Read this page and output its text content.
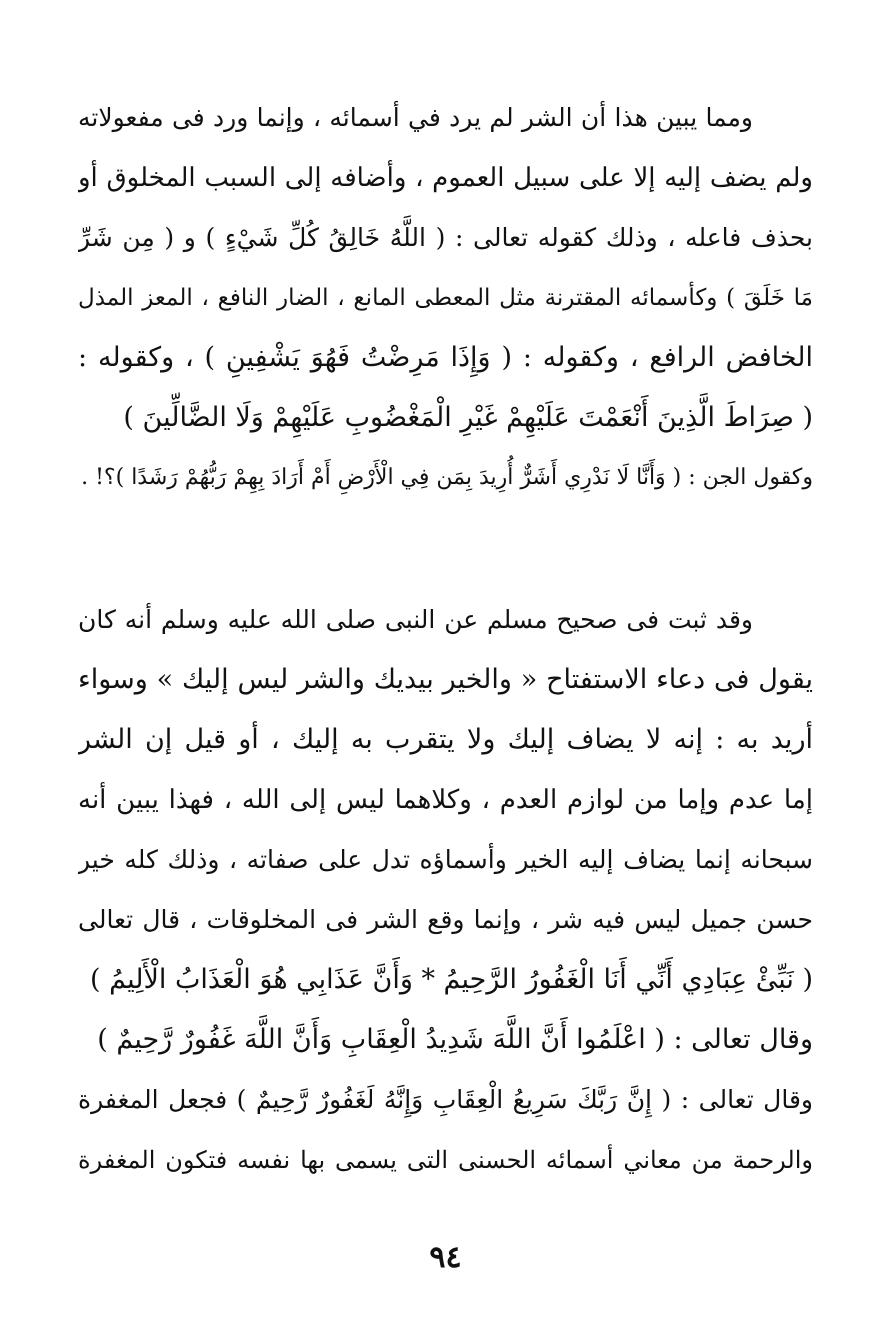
ومما يبين هذا أن الشر لم يرد في أسمائه ، وإنما ورد فى مفعولاته
ولم يضف إليه إلا على سبيل العموم ، وأضافه إلى السبب المخلوق أو
بحذف فاعله ، وذلك كقوله تعالى : ( اللَّهُ خَالِقُ كُلِّ شَيْءٍ ) و ( مِن شَرِّ
مَا خَلَقَ ) وكأسمائه المقترنة مثل المعطى المانع ، الضار النافع ، المعز المذل
الخافض الرافع ، وكقوله : ( وَإِذَا مَرِضْتُ فَهُوَ يَشْفِينِ ) ، وكقوله :
( صِرَاطَ الَّذِينَ أَنْعَمْتَ عَلَيْهِمْ غَيْرِ الْمَغْضُوبِ عَلَيْهِمْ وَلَا الضَّالِّينَ )
وكقول الجن : ( وَأَنَّا لَا نَدْرِي أَشَرٌّ أُرِيدَ بِمَن فِي الْأَرْضِ أَمْ أَرَادَ بِهِمْ رَبُّهُمْ رَشَدًا )؟! .
وقد ثبت فى صحيح مسلم عن النبى صلى الله عليه وسلم أنه كان
يقول فى دعاء الاستفتاح « والخير بيديك والشر ليس إليك » وسواء
أريد به : إنه لا يضاف إليك ولا يتقرب به إليك ، أو قيل إن الشر
إما عدم وإما من لوازم العدم ، وكلاهما ليس إلى الله ، فهذا يبين أنه
سبحانه إنما يضاف إليه الخير وأسماؤه تدل على صفاته ، وذلك كله خير
حسن جميل ليس فيه شر ، وإنما وقع الشر فى المخلوقات ، قال تعالى
( نَبِّئْ عِبَادِي أَنِّي أَنَا الْغَفُورُ الرَّحِيمُ * وَأَنَّ عَذَابِي هُوَ الْعَذَابُ الْأَلِيمُ )
وقال تعالى : ( اعْلَمُوا أَنَّ اللَّهَ شَدِيدُ الْعِقَابِ وَأَنَّ اللَّهَ غَفُورٌ رَّحِيمٌ )
وقال تعالى : ( إِنَّ رَبَّكَ سَرِيعُ الْعِقَابِ وَإِنَّهُ لَغَفُورٌ رَّحِيمٌ ) فجعل المغفرة
والرحمة من معاني أسمائه الحسنى التى يسمى بها نفسه فتكون المغفرة
٩٤
